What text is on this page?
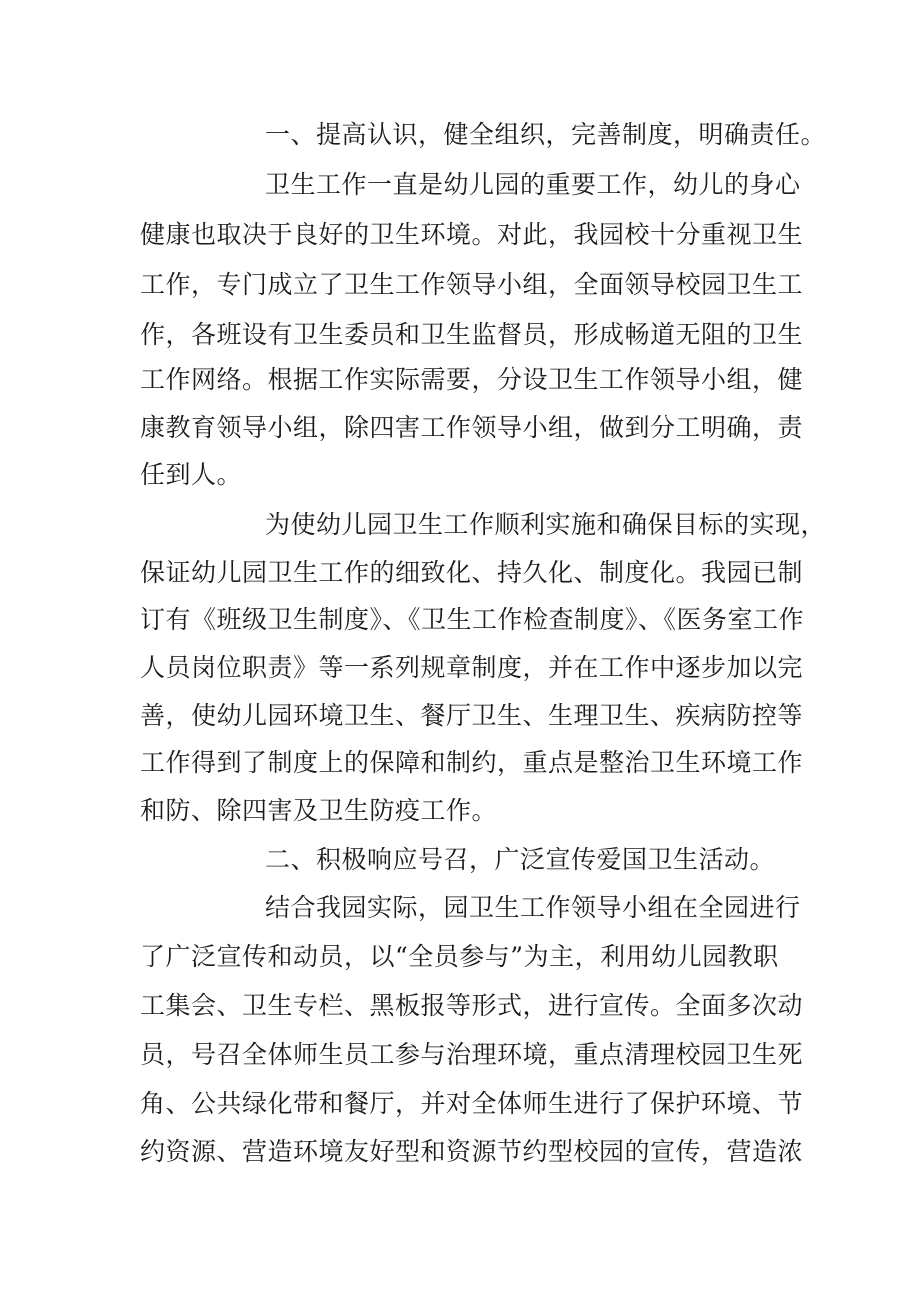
一、提高认识，健全组织，完善制度，明确责任。
卫生工作一直是幼儿园的重要工作，幼儿的身心
健康也取决于良好的卫生环境。对此，我园校十分重视卫生
工作，专门成立了卫生工作领导小组，全面领导校园卫生工
作，各班设有卫生委员和卫生监督员，形成畅道无阻的卫生
工作网络。根据工作实际需要，分设卫生工作领导小组，健
康教育领导小组，除四害工作领导小组，做到分工明确，责
任到人。
为使幼儿园卫生工作顺利实施和确保目标的实现，
保证幼儿园卫生工作的细致化、持久化、制度化。我园已制
订有《班级卫生制度》、《卫生工作检查制度》、《医务室工作
人员岗位职责》等一系列规章制度，并在工作中逐步加以完
善，使幼儿园环境卫生、餐厅卫生、生理卫生、疾病防控等
工作得到了制度上的保障和制约，重点是整治卫生环境工作
和防、除四害及卫生防疫工作。
二、积极响应号召，广泛宣传爱国卫生活动。
结合我园实际，园卫生工作领导小组在全园进行
了广泛宣传和动员，以“全员参与”为主，利用幼儿园教职
工集会、卫生专栏、黑板报等形式，进行宣传。全面多次动
员，号召全体师生员工参与治理环境，重点清理校园卫生死
角、公共绿化带和餐厅，并对全体师生进行了保护环境、节
约资源、营造环境友好型和资源节约型校园的宣传，营造浓
